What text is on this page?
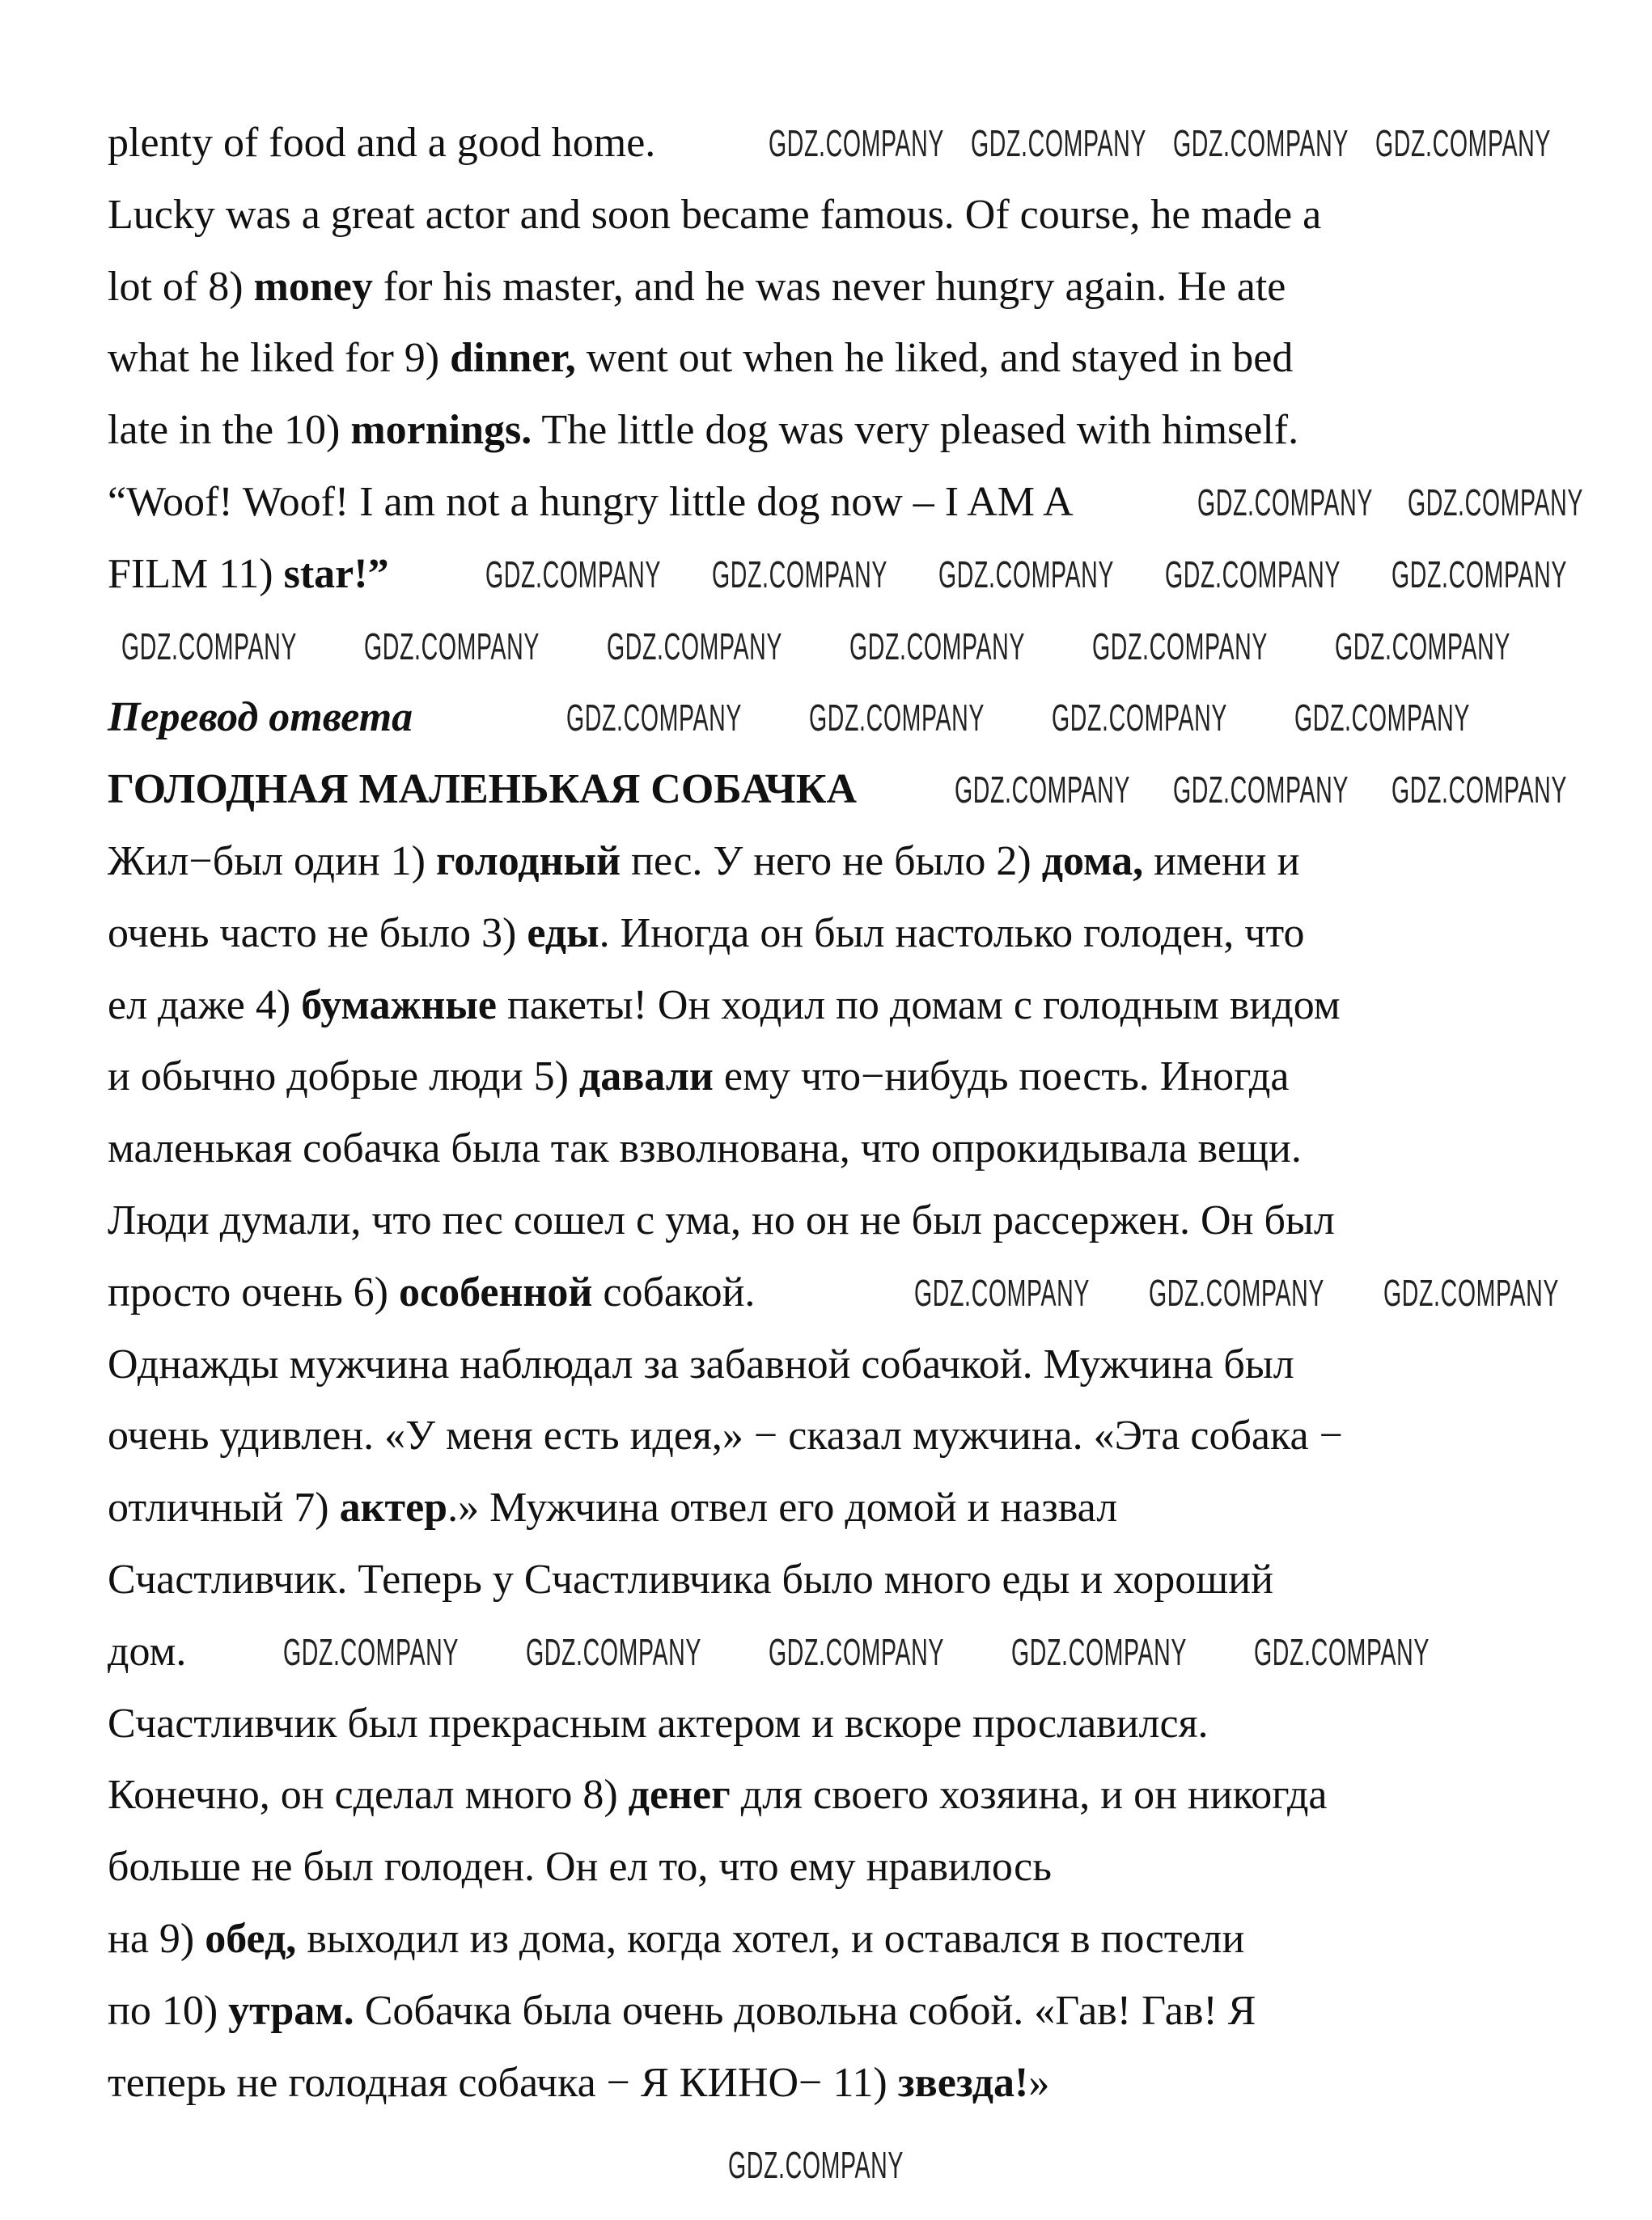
plenty of food and a good home.
Lucky was a great actor and soon became famous. Of course, he made a
lot of 8) money for his master, and he was never hungry again. He ate
what he liked for 9) dinner, went out when he liked, and stayed in bed
late in the 10) mornings. The little dog was very pleased with himself.
“Woof! Woof! I am not a hungry little dog now – I AM A
FILM 11) star!”
Перевод ответа
ГОЛОДНАЯ МАЛЕНЬКАЯ СОБАЧКА
Жил−был один 1) голодный пес. У него не было 2) дома, имени и
очень часто не было 3) еды. Иногда он был настолько голоден, что
ел даже 4) бумажные пакеты! Он ходил по домам с голодным видом
и обычно добрые люди 5) давали ему что−нибудь поесть. Иногда
маленькая собачка была так взволнована, что опрокидывала вещи.
Люди думали, что пес сошел с ума, но он не был рассержен. Он был
просто очень 6) особенной собакой.
Однажды мужчина наблюдал за забавной собачкой. Мужчина был
очень удивлен. «У меня есть идея,» − сказал мужчина. «Эта собака −
отличный 7) актер.» Мужчина отвел его домой и назвал
Счастливчик. Теперь у Счастливчика было много еды и хороший
дом.
Счастливчик был прекрасным актером и вскоре прославился.
Конечно, он сделал много 8) денег для своего хозяина, и он никогда
больше не был голоден. Он ел то, что ему нравилось
на 9) обед, выходил из дома, когда хотел, и оставался в постели
по 10) утрам. Собачка была очень довольна собой. «Гав! Гав! Я
теперь не голодная собачка − Я КИНО− 11) звезда!»
GDZ.COMPANY GDZ.COMPANY GDZ.COMPANY GDZ.COMPANY
GDZ.COMPANY GDZ.COMPANY
GDZ.COMPANY GDZ.COMPANY GDZ.COMPANY GDZ.COMPANY GDZ.COMPANY
GDZ.COMPANY GDZ.COMPANY GDZ.COMPANY GDZ.COMPANY GDZ.COMPANY GDZ.COMPANY
GDZ.COMPANY GDZ.COMPANY GDZ.COMPANY GDZ.COMPANY
GDZ.COMPANY GDZ.COMPANY GDZ.COMPANY
GDZ.COMPANY GDZ.COMPANY GDZ.COMPANY
GDZ.COMPANY GDZ.COMPANY GDZ.COMPANY GDZ.COMPANY GDZ.COMPANY
GDZ.COMPANY
